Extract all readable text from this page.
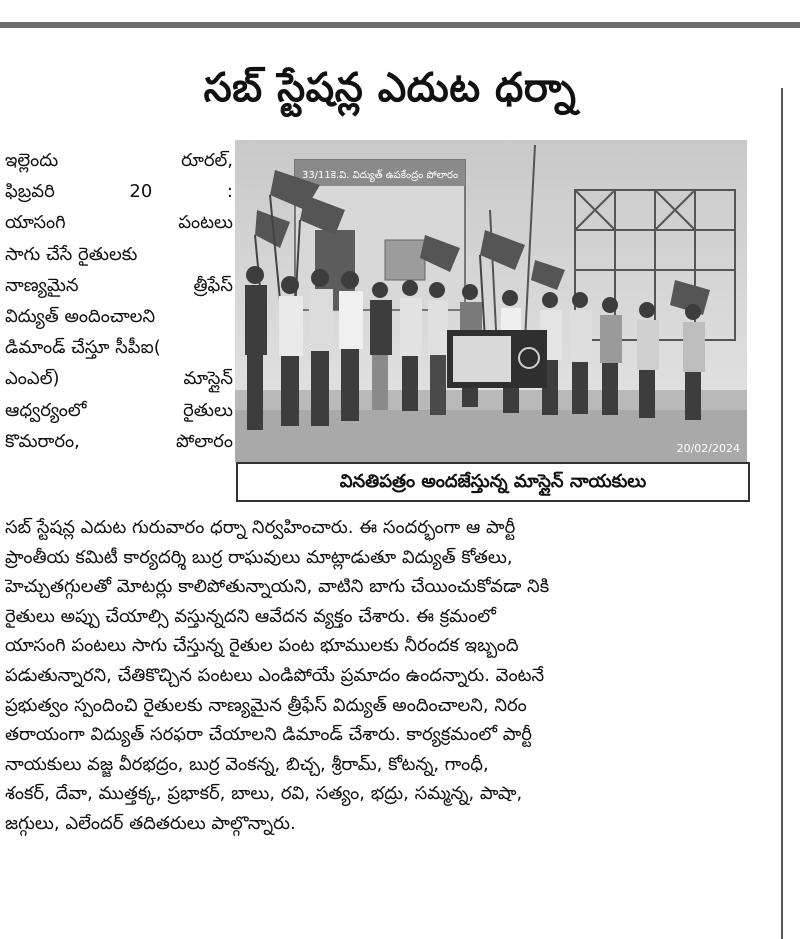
సబ్ స్టేషన్ల ఎదుట ధర్నా
ఇల్లెందు	రూరల్,
ఫిబ్రవరి	20	:
యాసంగి	పంటలు
సాగు చేసే రైతులకు
నాణ్యమైన	త్రీఫేస్
విద్యుత్ అందించాలని
డిమాండ్ చేస్తూ సీపీఐ(
ఎంఎల్)	మాస్లైన్
ఆధ్వర్యంలో	రైతులు
కొమరారం,	పోలారం
33/11కె.వి. విద్యుత్ ఉపకేంద్రం పోలారం
20/02/2024
వినతిపత్రం అందజేస్తున్న మాస్లైన్ నాయకులు
సబ్ స్టేషన్ల ఎదుట గురువారం ధర్నా నిర్వహించారు. ఈ సందర్భంగా ఆ పార్టీ
ప్రాంతీయ కమిటీ కార్యదర్శి బుర్ర రాఘవులు మాట్లాడుతూ విద్యుత్ కోతలు,
హెచ్చుతగ్గులతో మోటర్లు కాలిపోతున్నాయని, వాటిని బాగు చేయించుకోవడా నికి
రైతులు అప్పు చేయాల్సి వస్తున్నదని ఆవేదన వ్యక్తం చేశారు. ఈ క్రమంలో
యాసంగి పంటలు సాగు చేస్తున్న రైతుల పంట భూములకు నీరందక ఇబ్బంది
పడుతున్నారని, చేతికొచ్చిన పంటలు ఎండిపోయే ప్రమాదం ఉందన్నారు. వెంటనే
ప్రభుత్వం స్పందించి రైతులకు నాణ్యమైన త్రీఫేస్ విద్యుత్ అందించాలని, నిరం
తరాయంగా విద్యుత్ సరఫరా చేయాలని డిమాండ్ చేశారు. కార్యక్రమంలో పార్టీ
నాయకులు వజ్జ వీరభద్రం, బుర్ర వెంకన్న, బిచ్చ, శ్రీరామ్, కోటన్న, గాంధీ,
శంకర్, దేవా, ముత్తక్క, ప్రభాకర్, బాలు, రవి, సత్యం, భద్రు, సమ్మన్న, పాషా,
జగ్గులు, ఎలేందర్ తదితరులు పాల్గొన్నారు.
